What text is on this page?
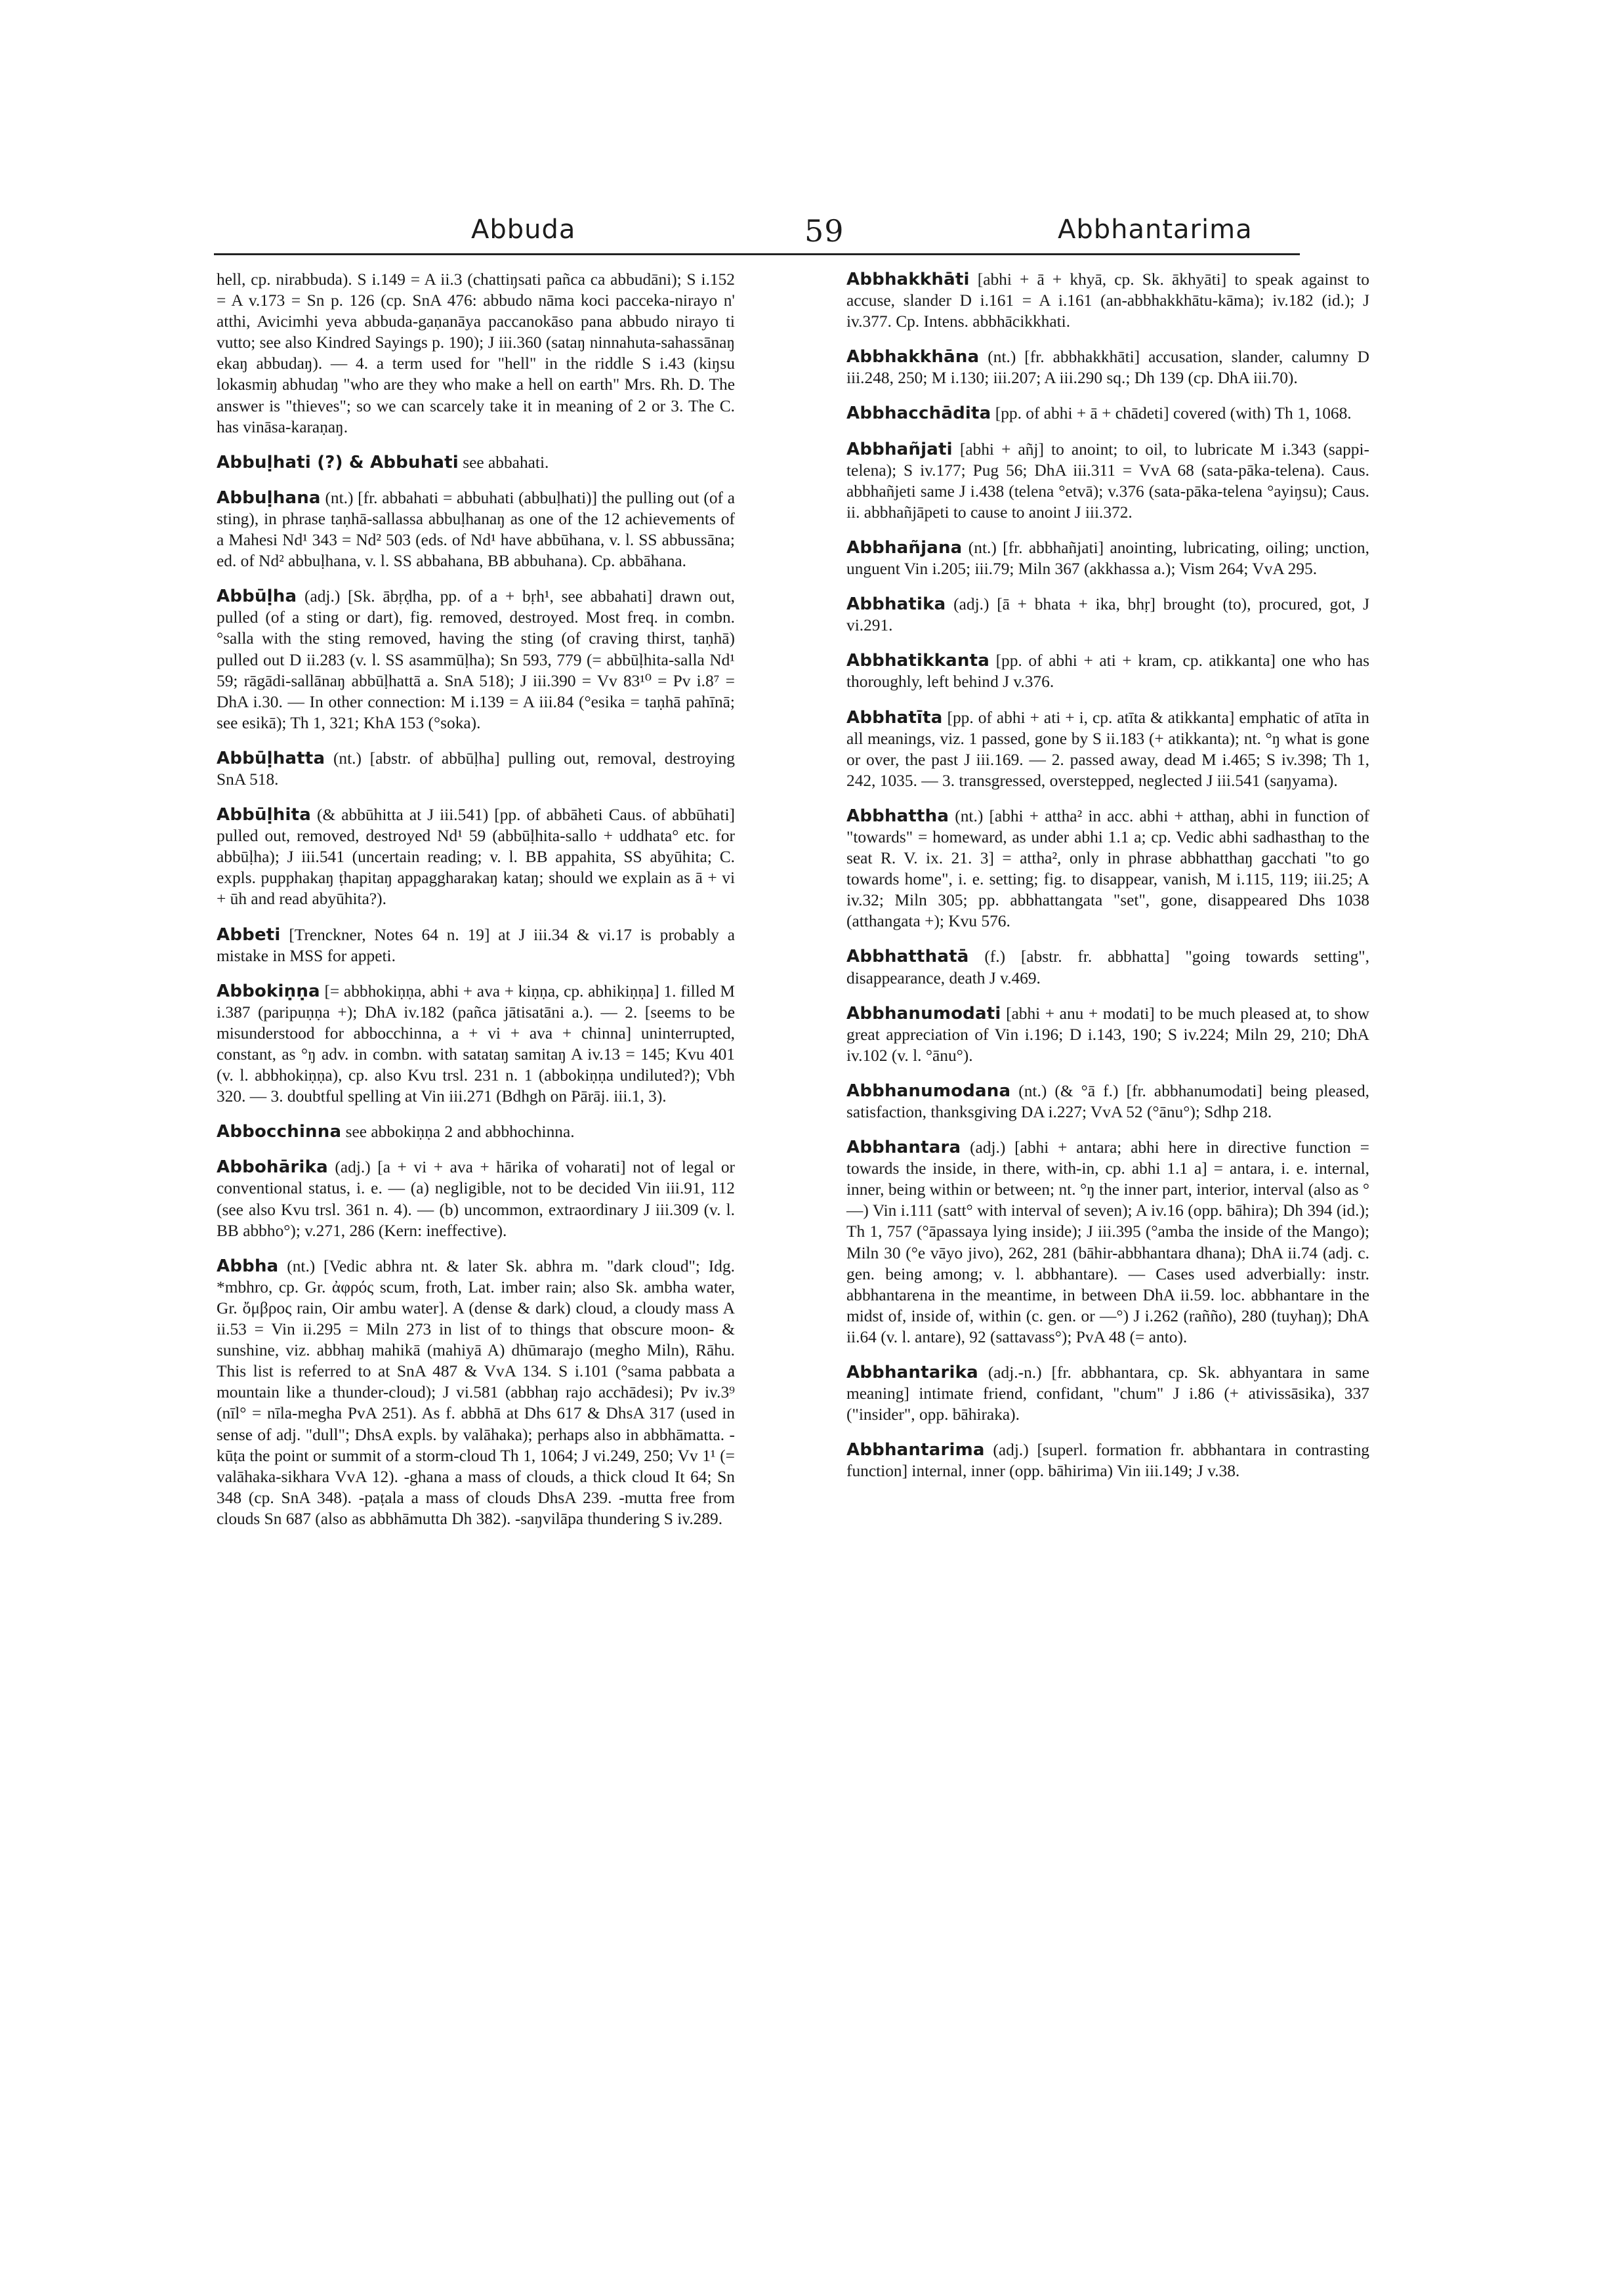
Abbuda	59	Abbhantarima

hell, cp. nirabbuda). S i.149 = A ii.3 (chattiŋsati pañca ca abbudāni); S i.152 = A v.173 = Sn p. 126 (cp. SnA 476: abbudo nāma koci pacceka-nirayo n' atthi, Avicimhi yeva abbuda-gaṇanāya paccanokāso pana abbudo nirayo ti vutto; see also Kindred Sayings p. 190); J iii.360 (sataŋ ninnahuta-sahassānaŋ ekaŋ abbudaŋ). — 4. a term used for "hell" in the riddle S i.43 (kiŋsu lokasmiŋ abhudaŋ "who are they who make a hell on earth" Mrs. Rh. D. The answer is "thieves"; so we can scarcely take it in meaning of 2 or 3. The C. has vināsa-karaṇaŋ.

Abbuḷhati (?) & Abbuhati see abbahati.

Abbuḷhana (nt.) [fr. abbahati = abbuhati (abbuḷhati)] the pulling out (of a sting), in phrase taṇhā-sallassa abbuḷhanaŋ as one of the 12 achievements of a Mahesi Nd¹ 343 = Nd² 503 (eds. of Nd¹ have abbūhana, v. l. SS abbussāna; ed. of Nd² abbuḷhana, v. l. SS abbahana, BB abbuhana). Cp. abbāhana.

Abbūḷha (adj.) [Sk. ābṛḍha, pp. of a + bṛh¹, see abbahati] drawn out, pulled (of a sting or dart), fig. removed, destroyed. Most freq. in combn. °salla with the sting removed, having the sting (of craving thirst, taṇhā) pulled out D ii.283 (v. l. SS asammūḷha); Sn 593, 779 (= abbūḷhita-salla Nd¹ 59; rāgādi-sallānaŋ abbūḷhattā a. SnA 518); J iii.390 = Vv 83¹⁰ = Pv i.8⁷ = DhA i.30. — In other connection: M i.139 = A iii.84 (°esika = taṇhā pahīnā; see esikā); Th 1, 321; KhA 153 (°soka).

Abbūḷhatta (nt.) [abstr. of abbūḷha] pulling out, removal, destroying SnA 518.

Abbūḷhita (& abbūhitta at J iii.541) [pp. of abbāheti Caus. of abbūhati] pulled out, removed, destroyed Nd¹ 59 (abbūḷhita-sallo + uddhata° etc. for abbūḷha); J iii.541 (uncertain reading; v. l. BB appahita, SS abyūhita; C. expls. pupphakaŋ ṭhapitaŋ appaggharakaŋ kataŋ; should we explain as ā + vi + ūh and read abyūhita?).

Abbeti [Trenckner, Notes 64 n. 19] at J iii.34 & vi.17 is probably a mistake in MSS for appeti.

Abbokiṇṇa [= abbhokiṇṇa, abhi + ava + kiṇṇa, cp. abhikiṇṇa] 1. filled M i.387 (paripuṇṇa +); DhA iv.182 (pañca jātisatāni a.). — 2. [seems to be misunderstood for abbocchinna, a + vi + ava + chinna] uninterrupted, constant, as °ŋ adv. in combn. with satataŋ samitaŋ A iv.13 = 145; Kvu 401 (v. l. abbhokiṇṇa), cp. also Kvu trsl. 231 n. 1 (abbokiṇṇa undiluted?); Vbh 320. — 3. doubtful spelling at Vin iii.271 (Bdhgh on Pārāj. iii.1, 3).

Abbocchinna see abbokiṇṇa 2 and abbhochinna.

Abbohārika (adj.) [a + vi + ava + hārika of voharati] not of legal or conventional status, i. e. — (a) negligible, not to be decided Vin iii.91, 112 (see also Kvu trsl. 361 n. 4). — (b) uncommon, extraordinary J iii.309 (v. l. BB abbho°); v.271, 286 (Kern: ineffective).

Abbha (nt.) [Vedic abhra nt. & later Sk. abhra m. "dark cloud"; Idg. *mbhro, cp. Gr. ἀφρός scum, froth, Lat. imber rain; also Sk. ambha water, Gr. ὄμβρος rain, Oir ambu water]. A (dense & dark) cloud, a cloudy mass A ii.53 = Vin ii.295 = Miln 273 in list of to things that obscure moon- & sunshine, viz. abbhaŋ mahikā (mahiyā A) dhūmarajo (megho Miln), Rāhu. This list is referred to at SnA 487 & VvA 134. S i.101 (°sama pabbata a mountain like a thunder-cloud); J vi.581 (abbhaŋ rajo acchādesi); Pv iv.3⁹ (nīl° = nīla-megha PvA 251). As f. abbhā at Dhs 617 & DhsA 317 (used in sense of adj. "dull"; DhsA expls. by valāhaka); perhaps also in abbhāmatta. -kūṭa the point or summit of a storm-cloud Th 1, 1064; J vi.249, 250; Vv 1¹ (= valāhaka-sikhara VvA 12). -ghana a mass of clouds, a thick cloud It 64; Sn 348 (cp. SnA 348). -paṭala a mass of clouds DhsA 239. -mutta free from clouds Sn 687 (also as abbhāmutta Dh 382). -saŋvilāpa thundering S iv.289.

Abbhakkhāti [abhi + ā + khyā, cp. Sk. ākhyāti] to speak against to accuse, slander D i.161 = A i.161 (an-abbhakkhātu-kāma); iv.182 (id.); J iv.377. Cp. Intens. abbhācikkhati.

Abbhakkhāna (nt.) [fr. abbhakkhāti] accusation, slander, calumny D iii.248, 250; M i.130; iii.207; A iii.290 sq.; Dh 139 (cp. DhA iii.70).

Abbhacchādita [pp. of abhi + ā + chādeti] covered (with) Th 1, 1068.

Abbhañjati [abhi + añj] to anoint; to oil, to lubricate M i.343 (sappi-telena); S iv.177; Pug 56; DhA iii.311 = VvA 68 (sata-pāka-telena). Caus. abbhañjeti same J i.438 (telena °etvā); v.376 (sata-pāka-telena °ayiŋsu); Caus. ii. abbhañjāpeti to cause to anoint J iii.372.

Abbhañjana (nt.) [fr. abbhañjati] anointing, lubricating, oiling; unction, unguent Vin i.205; iii.79; Miln 367 (akkhassa a.); Vism 264; VvA 295.

Abbhatika (adj.) [ā + bhata + ika, bhṛ] brought (to), procured, got, J vi.291.

Abbhatikkanta [pp. of abhi + ati + kram, cp. atikkanta] one who has thoroughly, left behind J v.376.

Abbhatīta [pp. of abhi + ati + i, cp. atīta & atikkanta] emphatic of atīta in all meanings, viz. 1 passed, gone by S ii.183 (+ atikkanta); nt. °ŋ what is gone or over, the past J iii.169. — 2. passed away, dead M i.465; S iv.398; Th 1, 242, 1035. — 3. transgressed, overstepped, neglected J iii.541 (saŋyama).

Abbhattha (nt.) [abhi + attha² in acc. abhi + atthaŋ, abhi in function of "towards" = homeward, as under abhi 1.1 a; cp. Vedic abhi sadhasthaŋ to the seat R. V. ix. 21. 3] = attha², only in phrase abbhatthaŋ gacchati "to go towards home", i. e. setting; fig. to disappear, vanish, M i.115, 119; iii.25; A iv.32; Miln 305; pp. abbhattangata "set", gone, disappeared Dhs 1038 (atthangata +); Kvu 576.

Abbhatthatā (f.) [abstr. fr. abbhatta] "going towards setting", disappearance, death J v.469.

Abbhanumodati [abhi + anu + modati] to be much pleased at, to show great appreciation of Vin i.196; D i.143, 190; S iv.224; Miln 29, 210; DhA iv.102 (v. l. °ānu°).

Abbhanumodana (nt.) (& °ā f.) [fr. abbhanumodati] being pleased, satisfaction, thanksgiving DA i.227; VvA 52 (°ānu°); Sdhp 218.

Abbhantara (adj.) [abhi + antara; abhi here in directive function = towards the inside, in there, with-in, cp. abhi 1.1 a] = antara, i. e. internal, inner, being within or between; nt. °ŋ the inner part, interior, interval (also as °—) Vin i.111 (satt° with interval of seven); A iv.16 (opp. bāhira); Dh 394 (id.); Th 1, 757 (°āpassaya lying inside); J iii.395 (°amba the inside of the Mango); Miln 30 (°e vāyo jivo), 262, 281 (bāhir-abbhantara dhana); DhA ii.74 (adj. c. gen. being among; v. l. abbhantare). — Cases used adverbially: instr. abbhantarena in the meantime, in between DhA ii.59. loc. abbhantare in the midst of, inside of, within (c. gen. or —°) J i.262 (rañño), 280 (tuyhaŋ); DhA ii.64 (v. l. antare), 92 (sattavass°); PvA 48 (= anto).

Abbhantarika (adj.-n.) [fr. abbhantara, cp. Sk. abhyantara in same meaning] intimate friend, confidant, "chum" J i.86 (+ ativissāsika), 337 ("insider", opp. bāhiraka).

Abbhantarima (adj.) [superl. formation fr. abbhantara in contrasting function] internal, inner (opp. bāhirima) Vin iii.149; J v.38.
